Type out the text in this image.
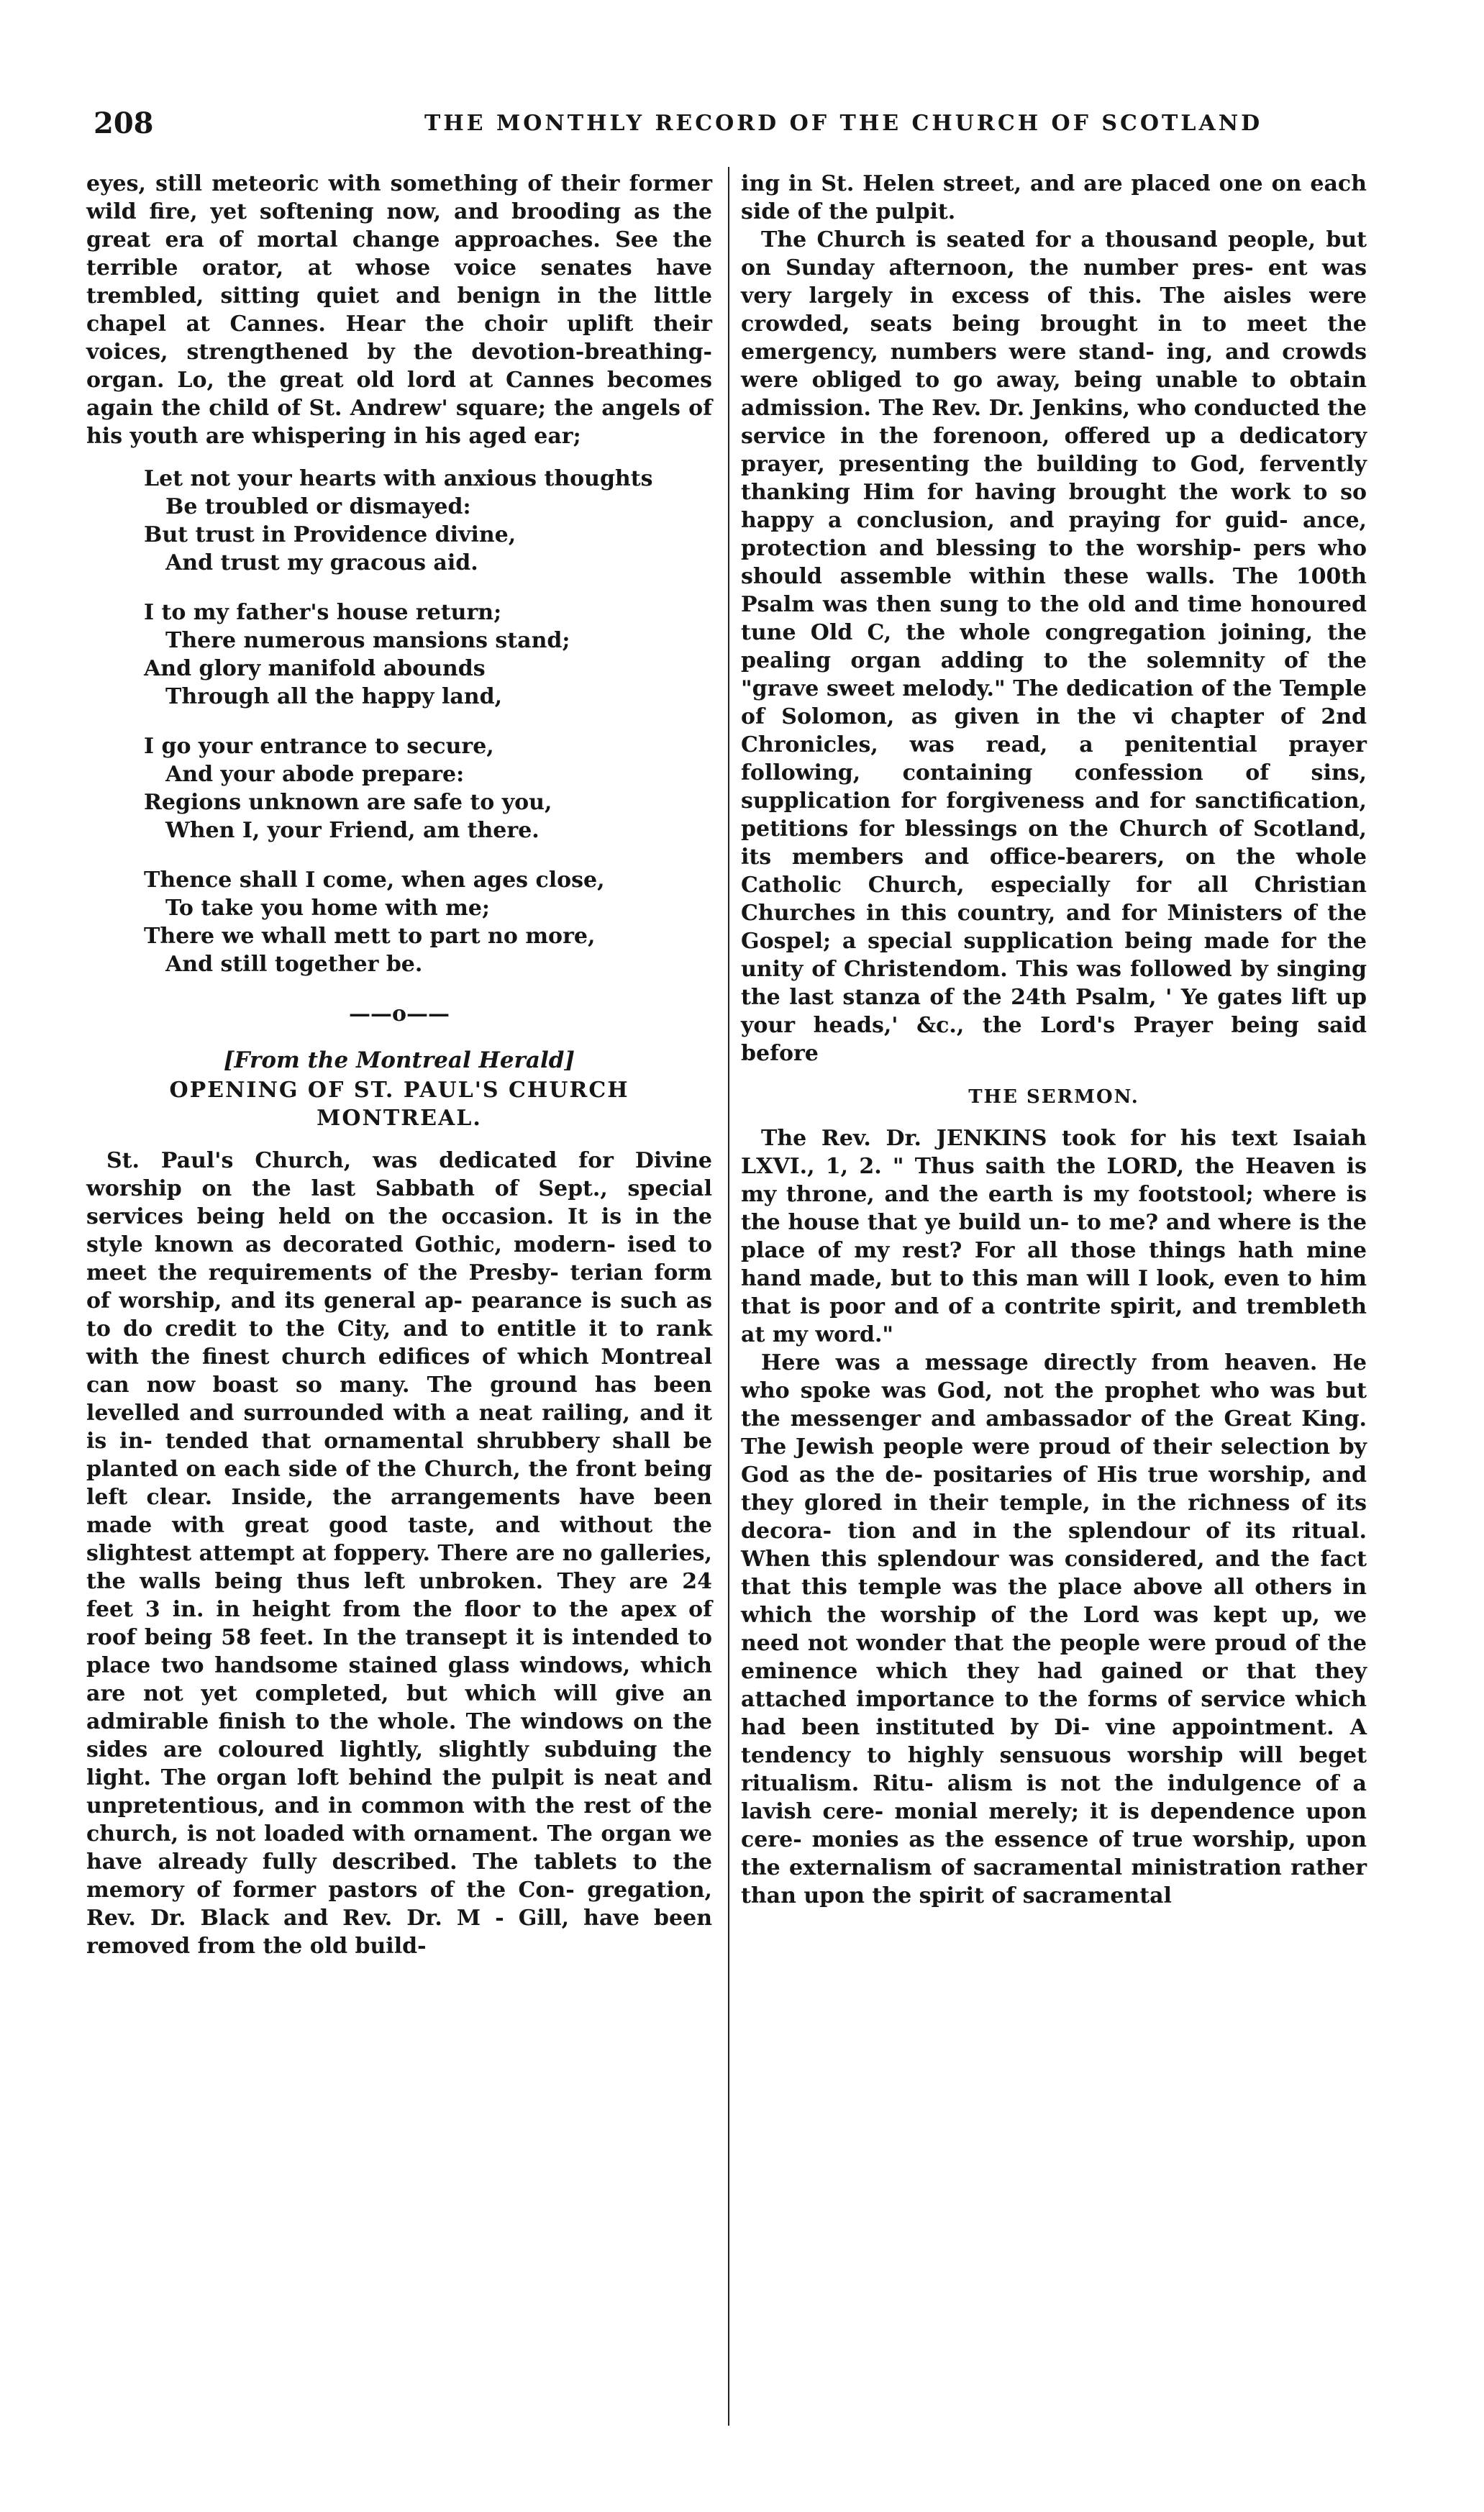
208	THE MONTHLY RECORD OF THE CHURCH OF SCOTLAND

eyes, still meteoric with something of their former wild fire, yet softening now, and brooding as the great era of mortal change approaches. See the terrible orator, at whose voice senates have trembled, sitting quiet and benign in the little chapel at Cannes. Hear the choir uplift their voices, strengthened by the devotion-breathing-organ. Lo, the great old lord at Cannes becomes again the child of St. Andrew' square; the angels of his youth are whispering in his aged ear;

Let not your hearts with anxious thoughts
Be troubled or dismayed:
But trust in Providence divine,
And trust my gracous aid.
I to my father's house return;
There numerous mansions stand;
And glory manifold abounds
Through all the happy land,
I go your entrance to secure,
And your abode prepare:
Regions unknown are safe to you,
When I, your Friend, am there.
Thence shall I come, when ages close,
To take you home with me;
There we whall mett to part no more,
And still together be.
——o——
[From the Montreal Herald]
OPENING OF ST. PAUL'S CHURCH
MONTREAL.

St. Paul's Church, was dedicated for Divine worship on the last Sabbath of Sept., special services being held on the occasion. It is in the style known as decorated Gothic, modern- ised to meet the requirements of the Presby- terian form of worship, and its general ap- pearance is such as to do credit to the City, and to entitle it to rank with the finest church edifices of which Montreal can now boast so many. The ground has been levelled and surrounded with a neat railing, and it is in- tended that ornamental shrubbery shall be planted on each side of the Church, the front being left clear. Inside, the arrangements have been made with great good taste, and without the slightest attempt at foppery. There are no galleries, the walls being thus left unbroken. They are 24 feet 3 in. in height from the floor to the apex of roof being 58 feet. In the transept it is intended to place two handsome stained glass windows, which are not yet completed, but which will give an admirable finish to the whole. The windows on the sides are coloured lightly, slightly subduing the light. The organ loft behind the pulpit is neat and unpretentious, and in common with the rest of the church, is not loaded with ornament. The organ we have already fully described. The tablets to the memory of former pastors of the Con- gregation, Rev. Dr. Black and Rev. Dr. M - Gill, have been removed from the old build-

ing in St. Helen street, and are placed one on each side of the pulpit.

The Church is seated for a thousand people, but on Sunday afternoon, the number pres- ent was very largely in excess of this. The aisles were crowded, seats being brought in to meet the emergency, numbers were stand- ing, and crowds were obliged to go away, being unable to obtain admission. The Rev. Dr. Jenkins, who conducted the service in the forenoon, offered up a dedicatory prayer, presenting the building to God, fervently thanking Him for having brought the work to so happy a conclusion, and praying for guid- ance, protection and blessing to the worship- pers who should assemble within these walls. The 100th Psalm was then sung to the old and time honoured tune Old C, the whole congregation joining, the pealing organ adding to the solemnity of the "grave sweet melody." The dedication of the Temple of Solomon, as given in the vi chapter of 2nd Chronicles, was read, a penitential prayer following, containing confession of sins, supplication for forgiveness and for sanctification, petitions for blessings on the Church of Scotland, its members and office-bearers, on the whole Catholic Church, especially for all Christian Churches in this country, and for Ministers of the Gospel; a special supplication being made for the unity of Christendom. This was followed by singing the last stanza of the 24th Psalm, ' Ye gates lift up your heads,' &c., the Lord's Prayer being said before

THE SERMON.

The Rev. Dr. JENKINS took for his text Isaiah LXVI., 1, 2. " Thus saith the LORD, the Heaven is my throne, and the earth is my footstool; where is the house that ye build un- to me? and where is the place of my rest? For all those things hath mine hand made, but to this man will I look, even to him that is poor and of a contrite spirit, and trembleth at my word."

Here was a message directly from heaven. He who spoke was God, not the prophet who was but the messenger and ambassador of the Great King. The Jewish people were proud of their selection by God as the de- positaries of His true worship, and they glored in their temple, in the richness of its decora- tion and in the splendour of its ritual. When this splendour was considered, and the fact that this temple was the place above all others in which the worship of the Lord was kept up, we need not wonder that the people were proud of the eminence which they had gained or that they attached importance to the forms of service which had been instituted by Di- vine appointment. A tendency to highly sensuous worship will beget ritualism. Ritu- alism is not the indulgence of a lavish cere- monial merely; it is dependence upon cere- monies as the essence of true worship, upon the externalism of sacramental ministration rather than upon the spirit of sacramental
